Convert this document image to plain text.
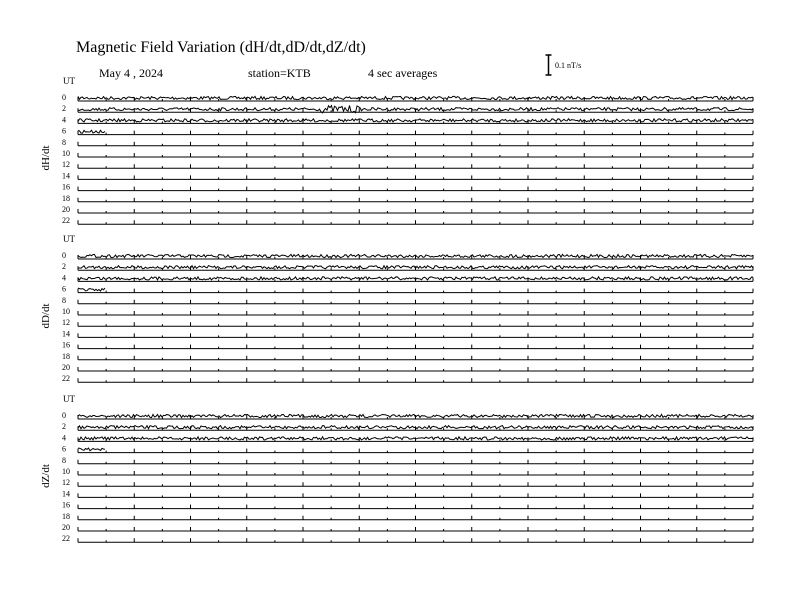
Magnetic Field Variation (dH/dt,dD/dt,dZ/dt)
May 4 , 2024	station=KTB	4 sec averages
0.1 nT/s
UT
0
2
4
6
8
10
12
14
16
18
20
22
UT
0
2
4
6
8
10
12
14
16
18
20
22
UT
0
2
4
6
8
10
12
14
16
18
20
22
dH/dt
dD/dt
dZ/dt
